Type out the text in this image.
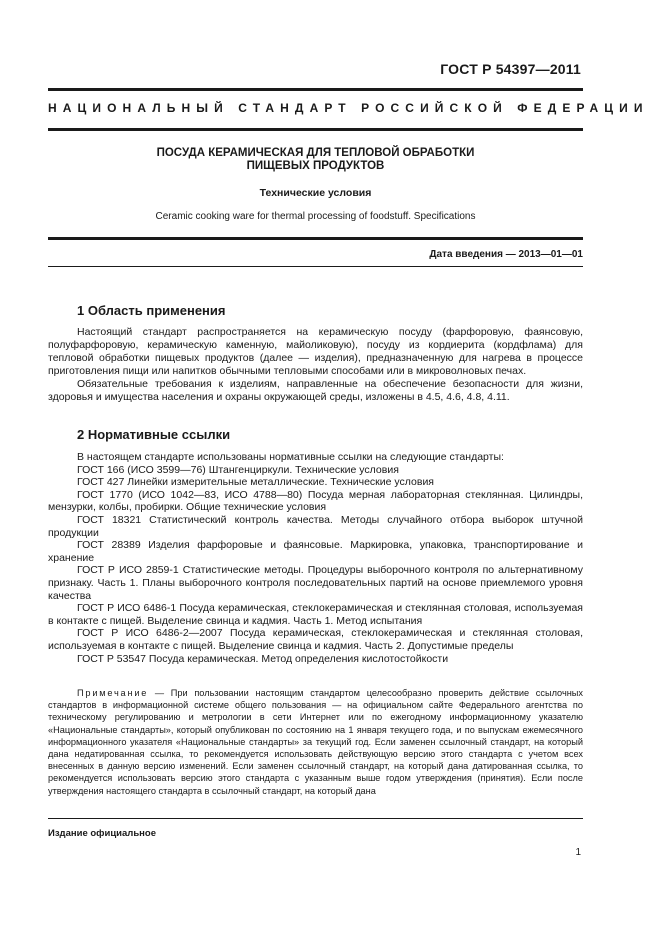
ГОСТ Р 54397—2011
НАЦИОНАЛЬНЫЙ СТАНДАРТ РОССИЙСКОЙ ФЕДЕРАЦИИ
ПОСУДА КЕРАМИЧЕСКАЯ ДЛЯ ТЕПЛОВОЙ ОБРАБОТКИ
ПИЩЕВЫХ ПРОДУКТОВ
Технические условия
Ceramic cooking ware for thermal processing of foodstuff. Specifications
Дата введения — 2013—01—01
1 Область применения

Настоящий стандарт распространяется на керамическую посуду (фарфоровую, фаянсовую, полуфарфоровую, керамическую каменную, майоликовую), посуду из кордиерита (кордфлама) для тепловой обработки пищевых продуктов (далее — изделия), предназначенную для нагрева в процессе приготовления пищи или напитков обычными тепловыми способами или в микроволновых печах.

Обязательные требования к изделиям, направленные на обеспечение безопасности для жизни, здоровья и имущества населения и охраны окружающей среды, изложены в 4.5, 4.6, 4.8, 4.11.

2 Нормативные ссылки

В настоящем стандарте использованы нормативные ссылки на следующие стандарты:

ГОСТ 166 (ИСО 3599—76) Штангенциркули. Технические условия

ГОСТ 427 Линейки измерительные металлические. Технические условия

ГОСТ 1770 (ИСО 1042—83, ИСО 4788—80) Посуда мерная лабораторная стеклянная. Цилиндры, мензурки, колбы, пробирки. Общие технические условия

ГОСТ 18321 Статистический контроль качества. Методы случайного отбора выборок штучной продукции

ГОСТ 28389 Изделия фарфоровые и фаянсовые. Маркировка, упаковка, транспортирование и хранение

ГОСТ Р ИСО 2859-1 Статистические методы. Процедуры выборочного контроля по альтернативному признаку. Часть 1. Планы выборочного контроля последовательных партий на основе приемлемого уровня качества

ГОСТ Р ИСО 6486-1 Посуда керамическая, стеклокерамическая и стеклянная столовая, используемая в контакте с пищей. Выделение свинца и кадмия. Часть 1. Метод испытания

ГОСТ Р ИСО 6486-2—2007 Посуда керамическая, стеклокерамическая и стеклянная столовая, используемая в контакте с пищей. Выделение свинца и кадмия. Часть 2. Допустимые пределы

ГОСТ Р 53547 Посуда керамическая. Метод определения кислотостойкости

Примечание — При пользовании настоящим стандартом целесообразно проверить действие ссылочных стандартов в информационной системе общего пользования — на официальном сайте Федерального агентства по техническому регулированию и метрологии в сети Интернет или по ежегодному информационному указателю «Национальные стандарты», который опубликован по состоянию на 1 января текущего года, и по выпускам ежемесячного информационного указателя «Национальные стандарты» за текущий год. Если заменен ссылочный стандарт, на который дана недатированная ссылка, то рекомендуется использовать действующую версию этого стандарта с учетом всех внесенных в данную версию изменений. Если заменен ссылочный стандарт, на который дана датированная ссылка, то рекомендуется использовать версию этого стандарта с указанным выше годом утверждения (принятия). Если после утверждения настоящего стандарта в ссылочный стандарт, на который дана
Издание официальное
1
